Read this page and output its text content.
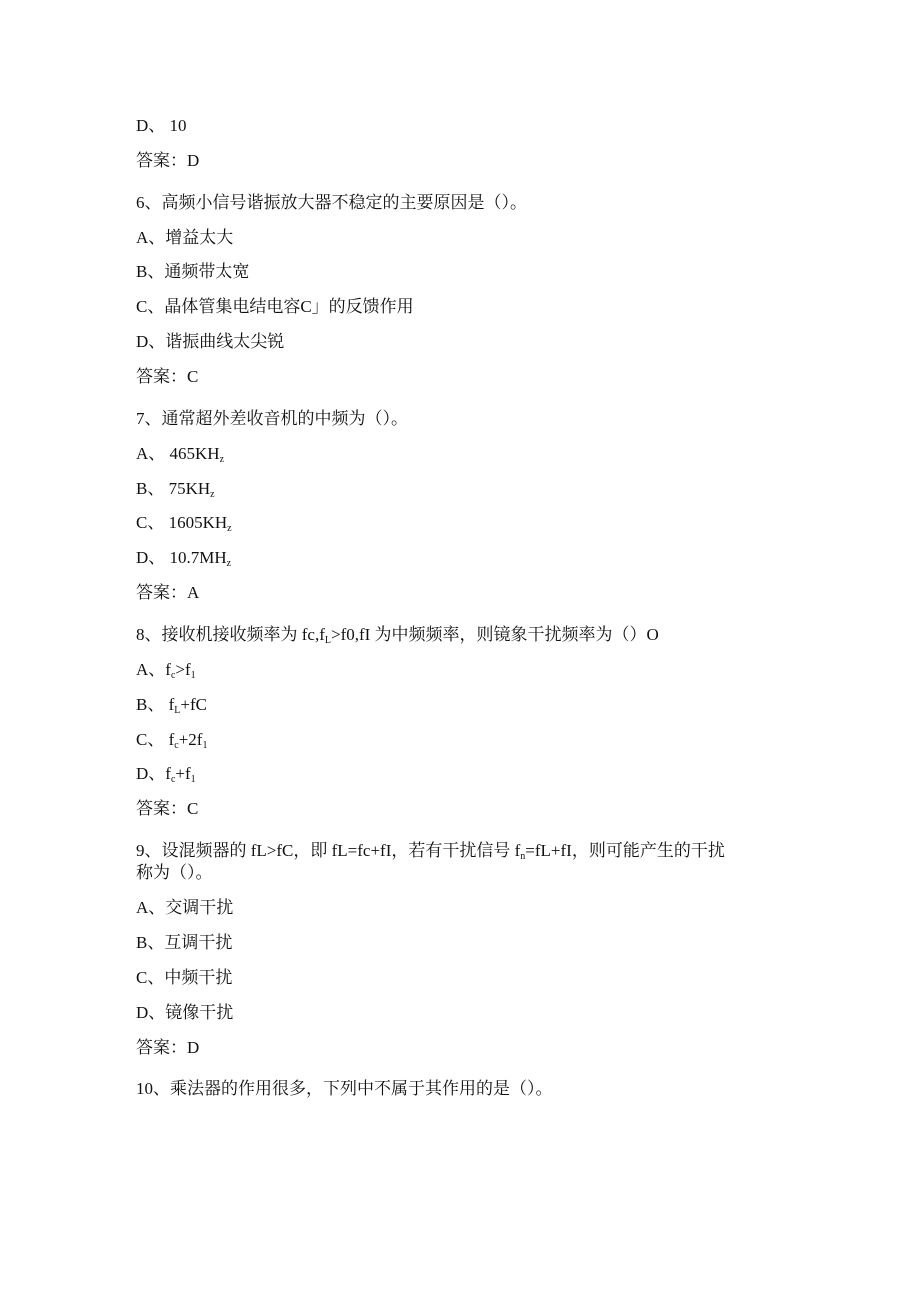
D、 10
答案：D
6、高频小信号谐振放大器不稳定的主要原因是（）。
A、增益太大
B、通频带太宽
C、晶体管集电结电容C」的反馈作用
D、谐振曲线太尖锐
答案：C
7、通常超外差收音机的中频为（）。
A、 $465KH_z$
B、 $75KH_z$
C、 $1605KH_z$
D、 $10.7MH_z$
答案：A
8、接收机接收频率为 $fc,f_L>f0,fI$ 为中频频率，则镜象干扰频率为（）O
A、$f_c>f_1$
B、 $f_L+fC$
C、 $f_c+2f_1$
D、$f_c+f_1$
答案：C
9、设混频器的 fL>fC，即 fL=fc+fI，若有干扰信号 $f_n=fL+fI$，则可能产生的干扰
称为（）。
A、交调干扰
B、互调干扰
C、中频干扰
D、镜像干扰
答案：D
10、乘法器的作用很多，下列中不属于其作用的是（）。
